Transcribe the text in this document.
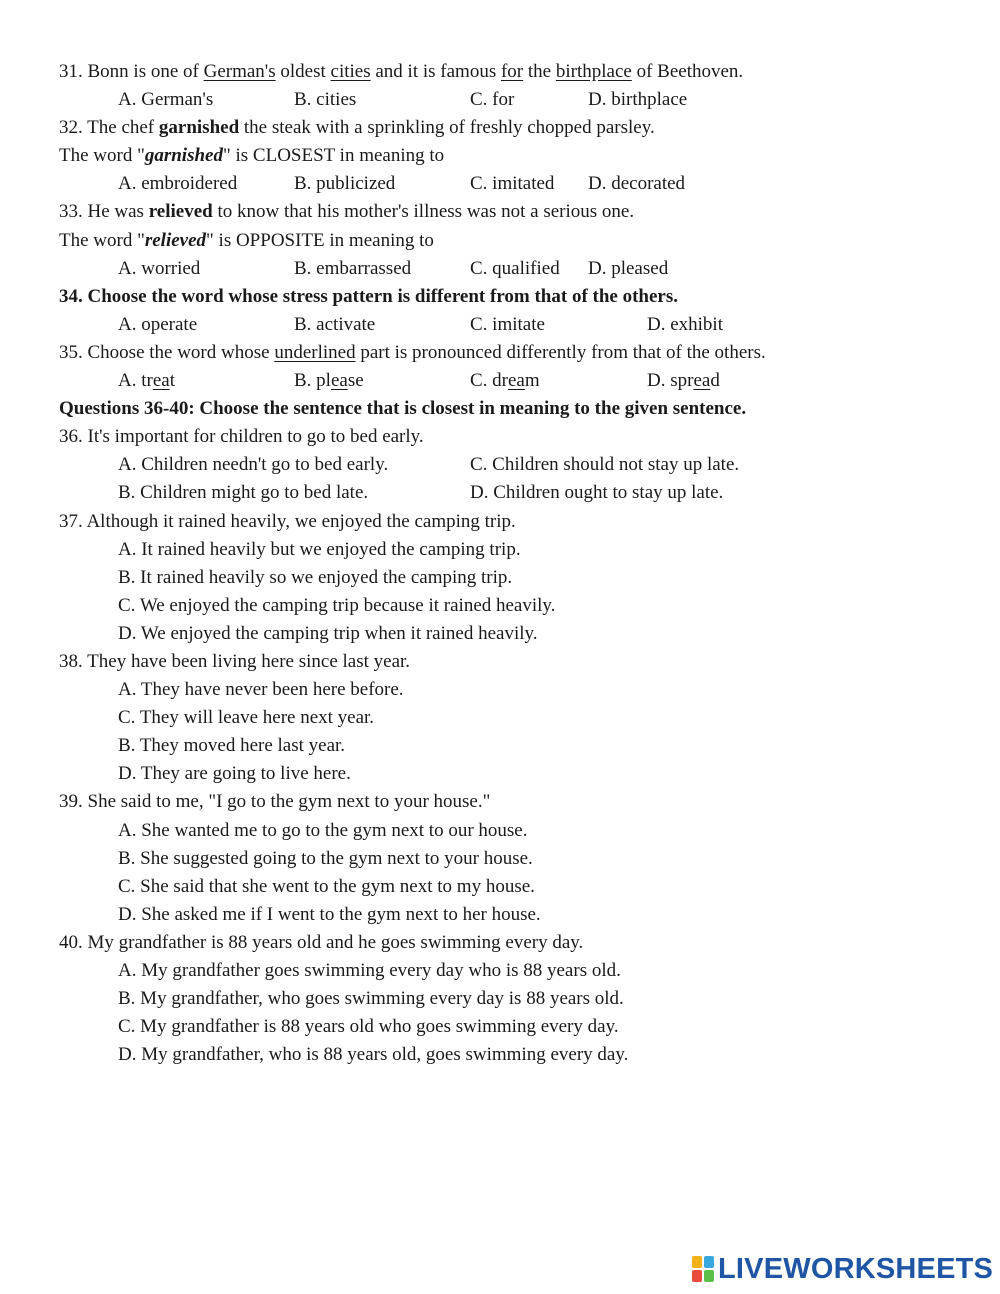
31. Bonn is one of German's oldest cities and it is famous for the birthplace of Beethoven.
A. German's	B. cities	C. for	D. birthplace
32. The chef garnished the steak with a sprinkling of freshly chopped parsley.
The word "garnished" is CLOSEST in meaning to
A. embroidered	B. publicized	C. imitated D. decorated
33. He was relieved to know that his mother's illness was not a serious one.
The word "relieved" is OPPOSITE in meaning to
A. worried	B. embarrassed	C. qualified D. pleased
34. Choose the word whose stress pattern is different from that of the others.
A. operate	B. activate	C. imitate	D. exhibit
35. Choose the word whose underlined part is pronounced differently from that of the others.
A. treat	B. please	C. dream	D. spread
Questions 36-40: Choose the sentence that is closest in meaning to the given sentence.
36. It's important for children to go to bed early.
A. Children needn't go to bed early.	C. Children should not stay up late.
B. Children might go to bed late.	D. Children ought to stay up late.
37. Although it rained heavily, we enjoyed the camping trip.
A. It rained heavily but we enjoyed the camping trip.
B. It rained heavily so we enjoyed the camping trip.
C. We enjoyed the camping trip because it rained heavily.
D. We enjoyed the camping trip when it rained heavily.
38. They have been living here since last year.
A. They have never been here before.
C. They will leave here next year.
B. They moved here last year.
D. They are going to live here.
39. She said to me, "I go to the gym next to your house."
A. She wanted me to go to the gym next to our house.
B. She suggested going to the gym next to your house.
C. She said that she went to the gym next to my house.
D. She asked me if I went to the gym next to her house.
40. My grandfather is 88 years old and he goes swimming every day.
A. My grandfather goes swimming every day who is 88 years old.
B. My grandfather, who goes swimming every day is 88 years old.
C. My grandfather is 88 years old who goes swimming every day.
D. My grandfather, who is 88 years old, goes swimming every day.
LIVEWORKSHEETS
